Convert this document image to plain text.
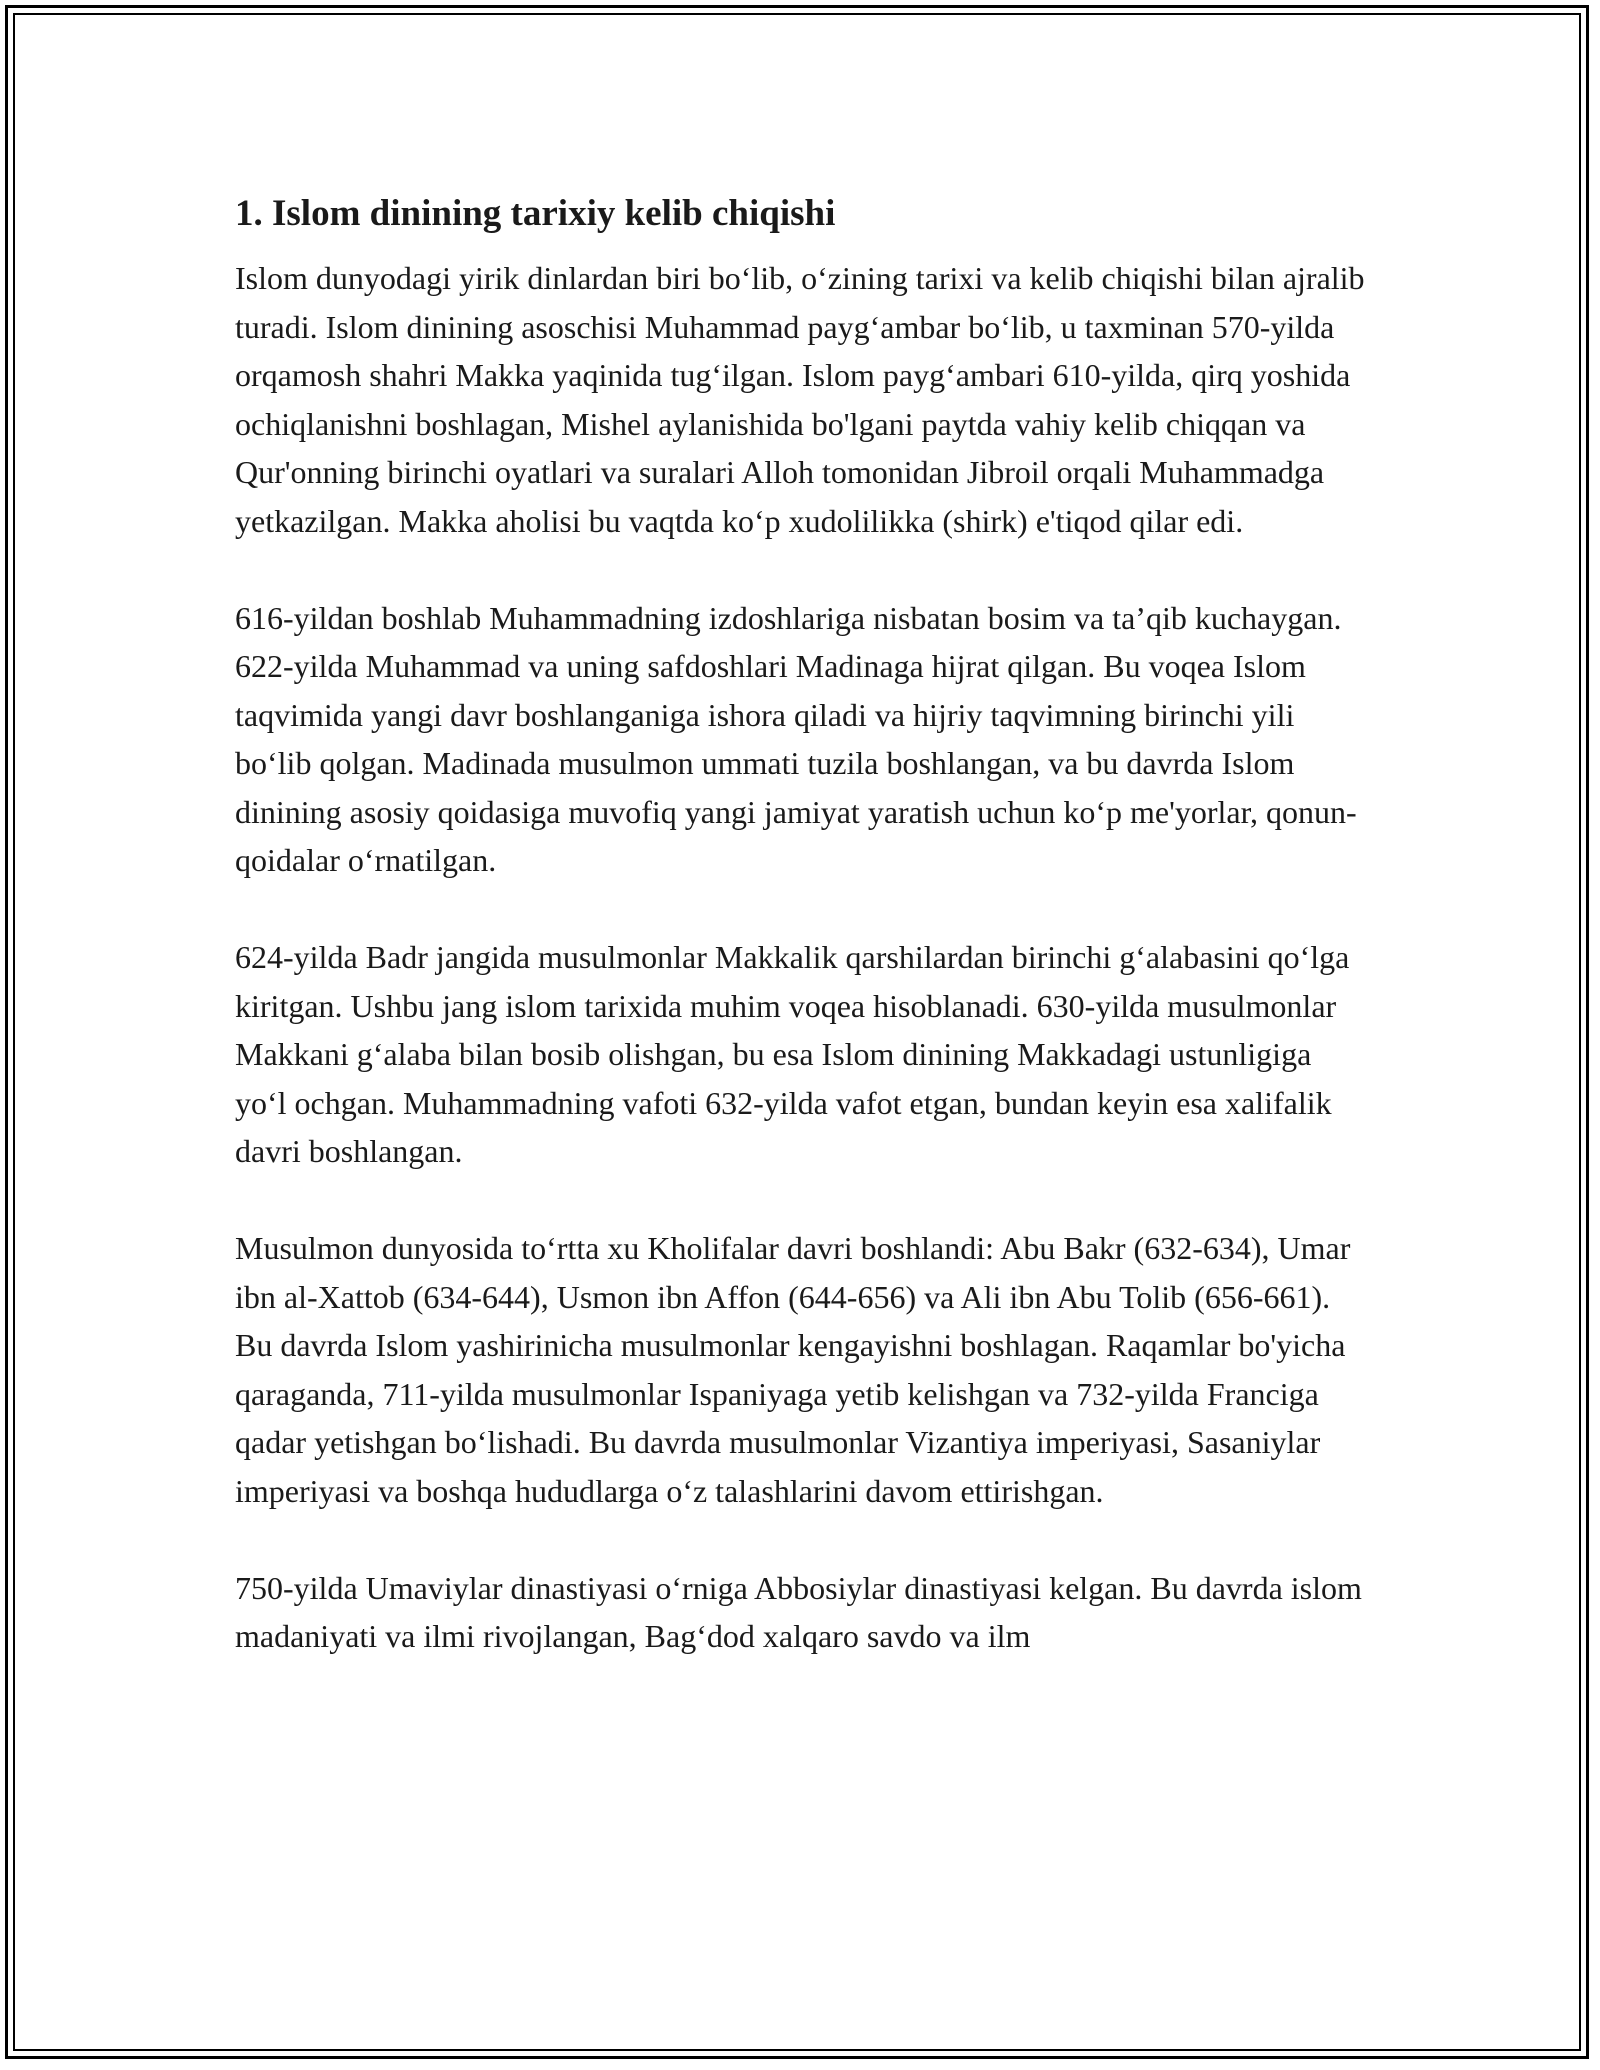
1. Islom dinining tarixiy kelib chiqishi

Islom dunyodagi yirik dinlardan biri bo‘lib, o‘zining tarixi va kelib chiqishi bilan ajralib turadi. Islom dinining asoschisi Muhammad payg‘ambar bo‘lib, u taxminan 570-yilda orqamosh shahri Makka yaqinida tug‘ilgan. Islom payg‘ambari 610-yilda, qirq yoshida ochiqlanishni boshlagan, Mishel aylanishida bo'lgani paytda vahiy kelib chiqqan va Qur'onning birinchi oyatlari va suralari Alloh tomonidan Jibroil orqali Muhammadga yetkazilgan. Makka aholisi bu vaqtda ko‘p xudolilikka (shirk) e'tiqod qilar edi.

616-yildan boshlab Muhammadning izdoshlariga nisbatan bosim va ta’qib kuchaygan. 622-yilda Muhammad va uning safdoshlari Madinaga hijrat qilgan. Bu voqea Islom taqvimida yangi davr boshlanganiga ishora qiladi va hijriy taqvimning birinchi yili bo‘lib qolgan. Madinada musulmon ummati tuzila boshlangan, va bu davrda Islom dinining asosiy qoidasiga muvofiq yangi jamiyat yaratish uchun ko‘p me'yorlar, qonun-qoidalar o‘rnatilgan.

624-yilda Badr jangida musulmonlar Makkalik qarshilardan birinchi g‘alabasini qo‘lga kiritgan. Ushbu jang islom tarixida muhim voqea hisoblanadi. 630-yilda musulmonlar Makkani g‘alaba bilan bosib olishgan, bu esa Islom dinining Makkadagi ustunligiga yo‘l ochgan. Muhammadning vafoti 632-yilda vafot etgan, bundan keyin esa xalifalik davri boshlangan.

Musulmon dunyosida to‘rtta xu Kholifalar davri boshlandi: Abu Bakr (632-634), Umar ibn al-Xattob (634-644), Usmon ibn Affon (644-656) va Ali ibn Abu Tolib (656-661). Bu davrda Islom yashirinicha musulmonlar kengayishni boshlagan. Raqamlar bo'yicha qaraganda, 711-yilda musulmonlar Ispaniyaga yetib kelishgan va 732-yilda Franciga qadar yetishgan bo‘lishadi. Bu davrda musulmonlar Vizantiya imperiyasi, Sasaniylar imperiyasi va boshqa hududlarga o‘z talashlarini davom ettirishgan.

750-yilda Umaviylar dinastiyasi o‘rniga Abbosiylar dinastiyasi kelgan. Bu davrda islom madaniyati va ilmi rivojlangan, Bag‘dod xalqaro savdo va ilm
